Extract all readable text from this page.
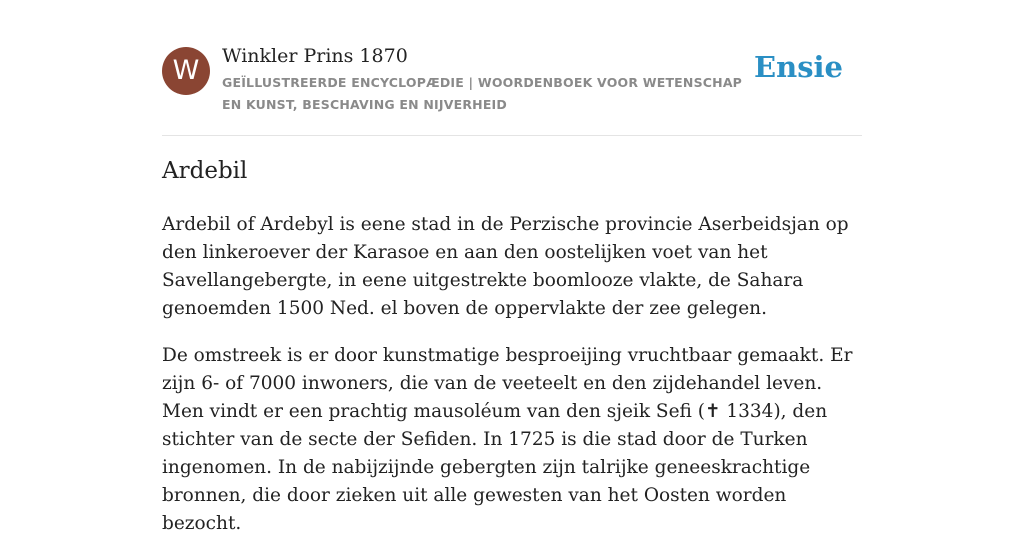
W	Winkler Prins 1870
GEÏLLUSTREERDE ENCYCLOPÆDIE | WOORDENBOEK VOOR WETENSCHAP EN KUNST, BESCHAVING EN NIJVERHEID
Ensie
Ardebil

Ardebil of Ardebyl is eene stad in de Perzische provincie Aserbeidsjan op den linkeroever der Karasoe en aan den oostelijken voet van het Savellangebergte, in eene uitgestrekte boomlooze vlakte, de Sahara genoemden 1500 Ned. el boven de oppervlakte der zee gelegen.

De omstreek is er door kunstmatige besproeijing vruchtbaar gemaakt. Er zijn 6- of 7000 inwoners, die van de veeteelt en den zijdehandel leven. Men vindt er een prachtig mausoléum van den sjeik Sefi (✝ 1334), den stichter van de secte der Sefiden. In 1725 is die stad door de Turken ingenomen. In de nabijzijnde gebergten zijn talrijke geneeskrachtige bronnen, die door zieken uit alle gewesten van het Oosten worden bezocht.
